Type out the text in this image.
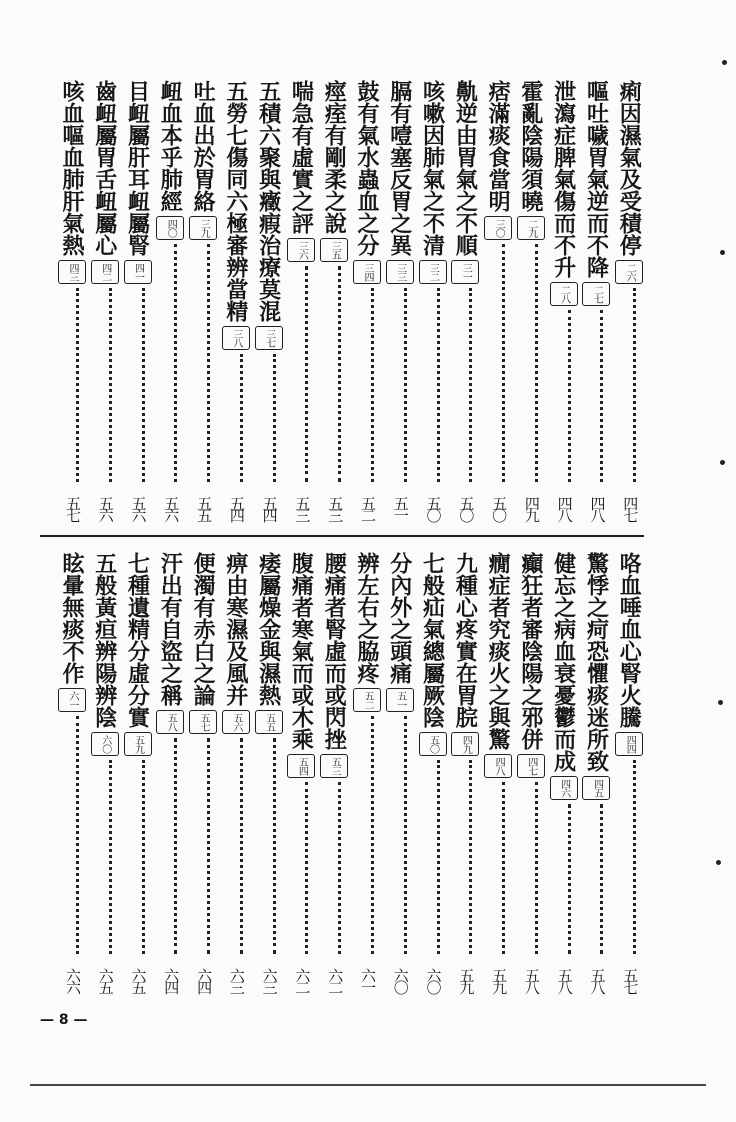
痢因濕氣及受積停二六
四七
嘔吐噦胃氣逆而不降二七
四八
泄瀉症脾氣傷而不升二八
四八
霍亂陰陽須曉二九
四九
痞滿痰食當明三〇
五〇
鼽逆由胃氣之不順三一
五〇
咳嗽因肺氣之不清三二
五〇
膈有噎塞反胃之異三三
五一
鼓有氣水蟲血之分三四
五二
痙痓有剛柔之說三五
五三
喘急有虛實之評三六
五三
五積六聚與癥瘕治療莫混三七
五四
五勞七傷同六極審辨當精三八
五四
吐血出於胃絡三九
五五
衄血本乎肺經四〇
五六
目衄屬肝耳衄屬腎四一
五六
齒衄屬胃舌衄屬心四二
五六
咳血嘔血肺肝氣熱四三
五七
咯血唾血心腎火騰四四
五七
驚悸之疴恐懼痰迷所致四五
五八
健忘之病血衰憂鬱而成四六
五八
癲狂者審陰陽之邪併四七
五八
癇症者究痰火之與驚四八
五九
九種心疼實在胃脘四九
五九
七般疝氣總屬厥陰五〇
六〇
分內外之頭痛五一
六〇
辨左右之脇疼五二
六一
腰痛者腎虛而或閃挫五三
六二
腹痛者寒氣而或木乘五四
六二
痿屬燥金與濕熱五五
六三
痹由寒濕及風并五六
六三
便濁有赤白之論五七
六四
汗出有自盜之稱五八
六四
七種遺精分虛分實五九
六五
五般黃疸辨陽辨陰六〇
六五
眩暈無痰不作六一
六六
— 8 —
